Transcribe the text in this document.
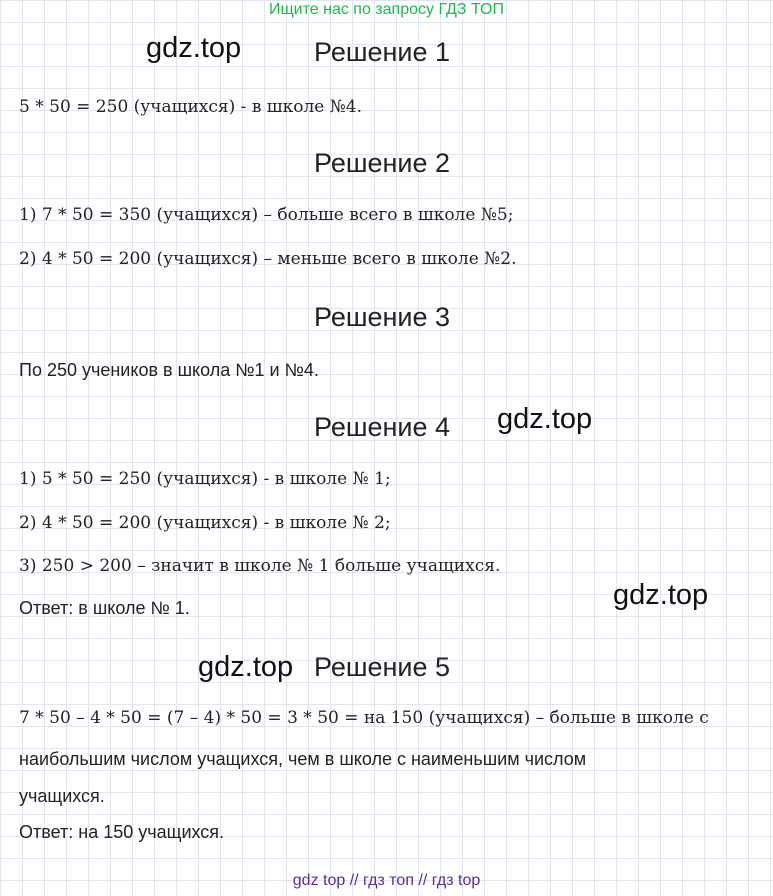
Ищите нас по запросу ГДЗ ТОП
gdz.top
gdz.top
gdz.top
gdz.top
Решение 1
5 * 50 = 250 (учащихся) - в школе №4.
Решение 2
1) 7 * 50 = 350 (учащихся) – больше всего в школе №5;
2) 4 * 50 = 200 (учащихся) – меньше всего в школе №2.
Решение 3
По 250 учеников в школа №1 и №4.
Решение 4
1) 5 * 50 = 250 (учащихся) - в школе № 1;
2) 4 * 50 = 200 (учащихся) - в школе № 2;
3) 250 > 200 – значит в школе № 1 больше учащихся.
Ответ: в школе № 1.
Решение 5
7 * 50 – 4 * 50 = (7 – 4) * 50 = 3 * 50 = на 150 (учащихся) – больше в школе с
наибольшим числом учащихся, чем в школе с наименьшим числом
учащихся.
Ответ: на 150 учащихся.
gdz top // гдз топ // гдз top
